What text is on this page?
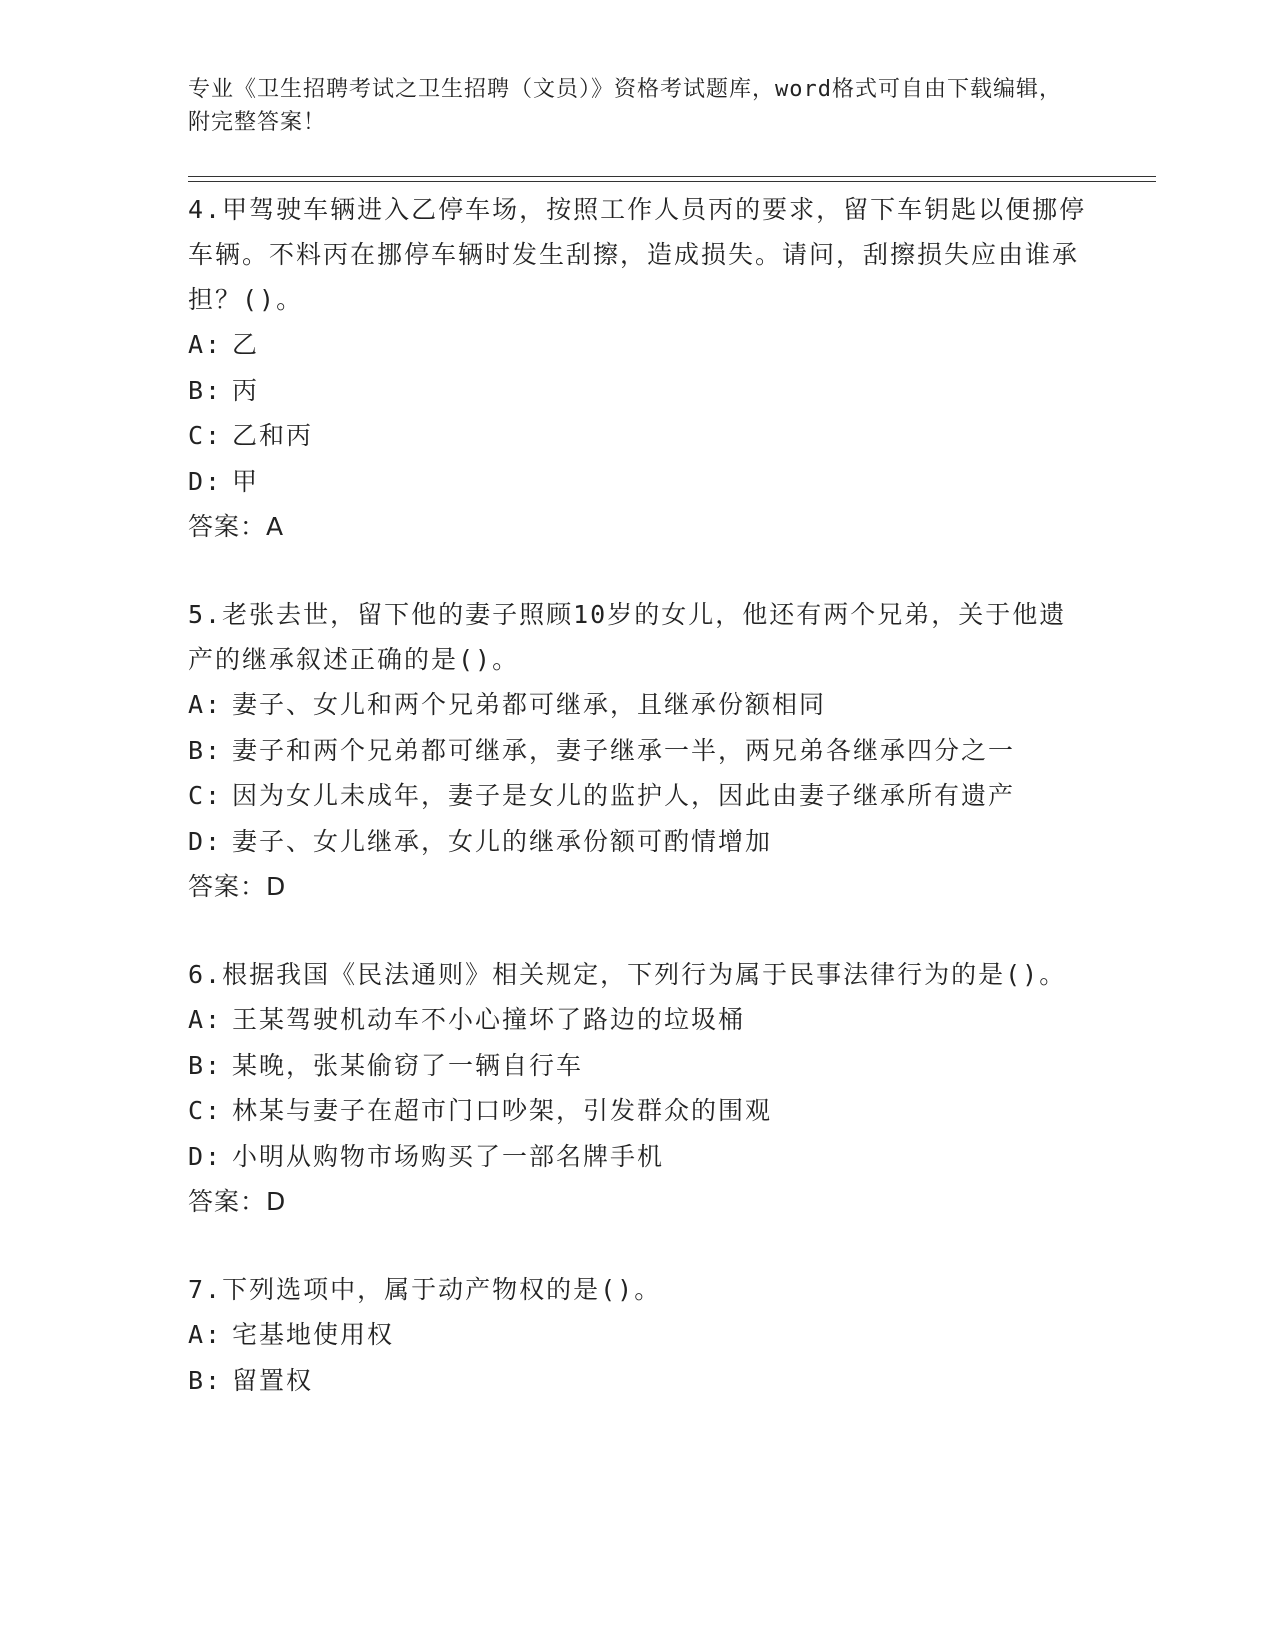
专业《卫生招聘考试之卫生招聘（文员）》资格考试题库，word格式可自由下载编辑，附完整答案！

4.甲驾驶车辆进入乙停车场，按照工作人员丙的要求，留下车钥匙以便挪停车辆。不料丙在挪停车辆时发生刮擦，造成损失。请问，刮擦损失应由谁承担？()。

A: 乙

B: 丙

C: 乙和丙

D: 甲

答案：A

5.老张去世，留下他的妻子照顾10岁的女儿，他还有两个兄弟，关于他遗产的继承叙述正确的是()。

A: 妻子、女儿和两个兄弟都可继承，且继承份额相同

B: 妻子和两个兄弟都可继承，妻子继承一半，两兄弟各继承四分之一

C: 因为女儿未成年，妻子是女儿的监护人，因此由妻子继承所有遗产

D: 妻子、女儿继承，女儿的继承份额可酌情增加

答案：D

6.根据我国《民法通则》相关规定，下列行为属于民事法律行为的是()。

A: 王某驾驶机动车不小心撞坏了路边的垃圾桶

B: 某晚，张某偷窃了一辆自行车

C: 林某与妻子在超市门口吵架，引发群众的围观

D: 小明从购物市场购买了一部名牌手机

答案：D

7.下列选项中，属于动产物权的是()。

A: 宅基地使用权

B: 留置权
